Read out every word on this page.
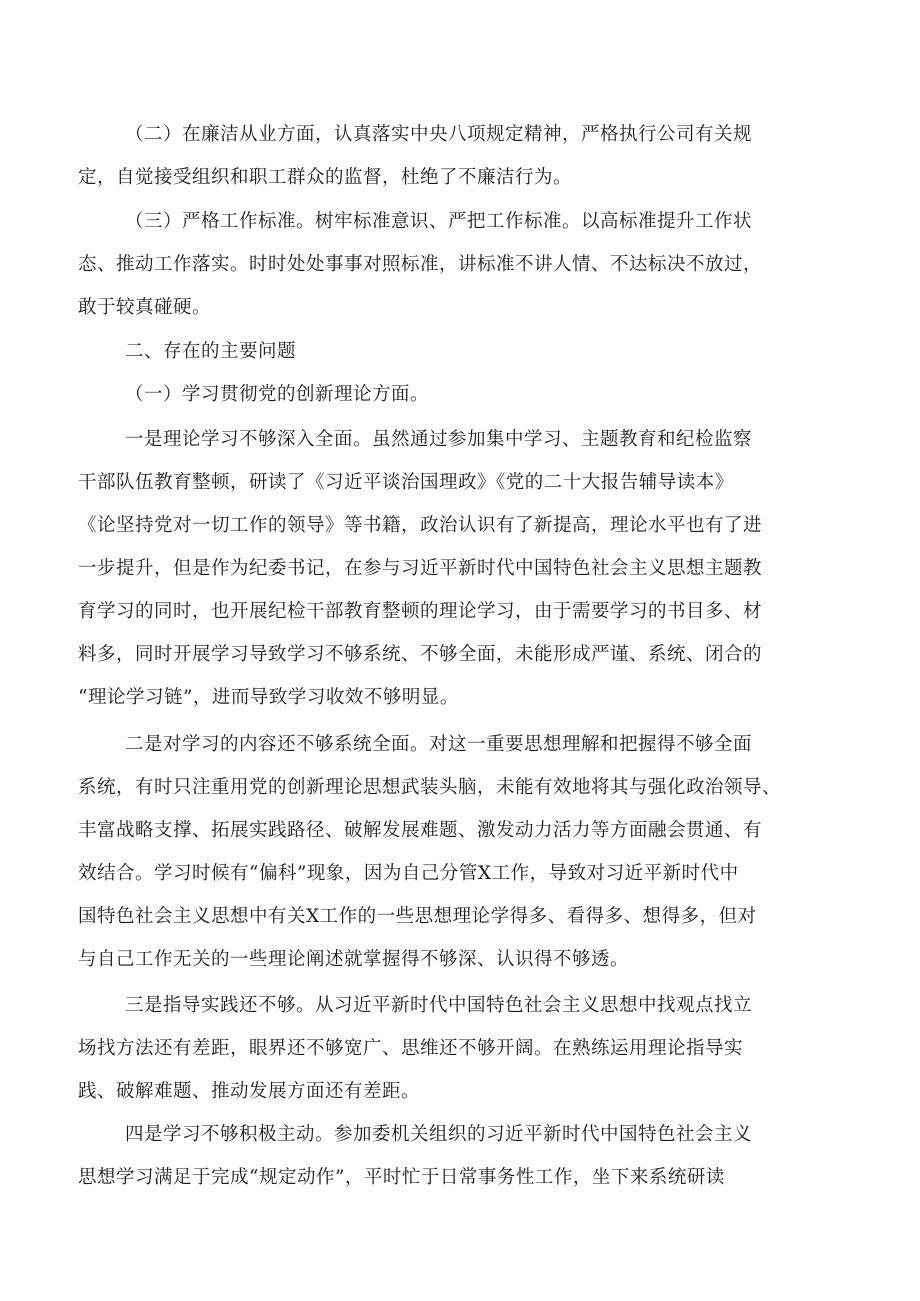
（二）在廉洁从业方面，认真落实中央八项规定精神，严格执行公司有关规
定，自觉接受组织和职工群众的监督，杜绝了不廉洁行为。

（三）严格工作标准。树牢标准意识、严把工作标准。以高标准提升工作状
态、推动工作落实。时时处处事事对照标准，讲标准不讲人情、不达标决不放过，
敢于较真碰硬。

二、存在的主要问题

（一）学习贯彻党的创新理论方面。

一是理论学习不够深入全面。虽然通过参加集中学习、主题教育和纪检监察
干部队伍教育整顿，研读了《习近平谈治国理政》《党的二十大报告辅导读本》
《论坚持党对一切工作的领导》等书籍，政治认识有了新提高，理论水平也有了进
一步提升，但是作为纪委书记，在参与习近平新时代中国特色社会主义思想主题教
育学习的同时，也开展纪检干部教育整顿的理论学习，由于需要学习的书目多、材
料多，同时开展学习导致学习不够系统、不够全面，未能形成严谨、系统、闭合的
“理论学习链”，进而导致学习收效不够明显。

二是对学习的内容还不够系统全面。对这一重要思想理解和把握得不够全面
系统，有时只注重用党的创新理论思想武装头脑，未能有效地将其与强化政治领导、
丰富战略支撑、拓展实践路径、破解发展难题、激发动力活力等方面融会贯通、有
效结合。学习时候有“偏科”现象，因为自己分管X工作，导致对习近平新时代中
国特色社会主义思想中有关X工作的一些思想理论学得多、看得多、想得多，但对
与自己工作无关的一些理论阐述就掌握得不够深、认识得不够透。

三是指导实践还不够。从习近平新时代中国特色社会主义思想中找观点找立
场找方法还有差距，眼界还不够宽广、思维还不够开阔。在熟练运用理论指导实
践、破解难题、推动发展方面还有差距。

四是学习不够积极主动。参加委机关组织的习近平新时代中国特色社会主义
思想学习满足于完成“规定动作”，平时忙于日常事务性工作，坐下来系统研读
